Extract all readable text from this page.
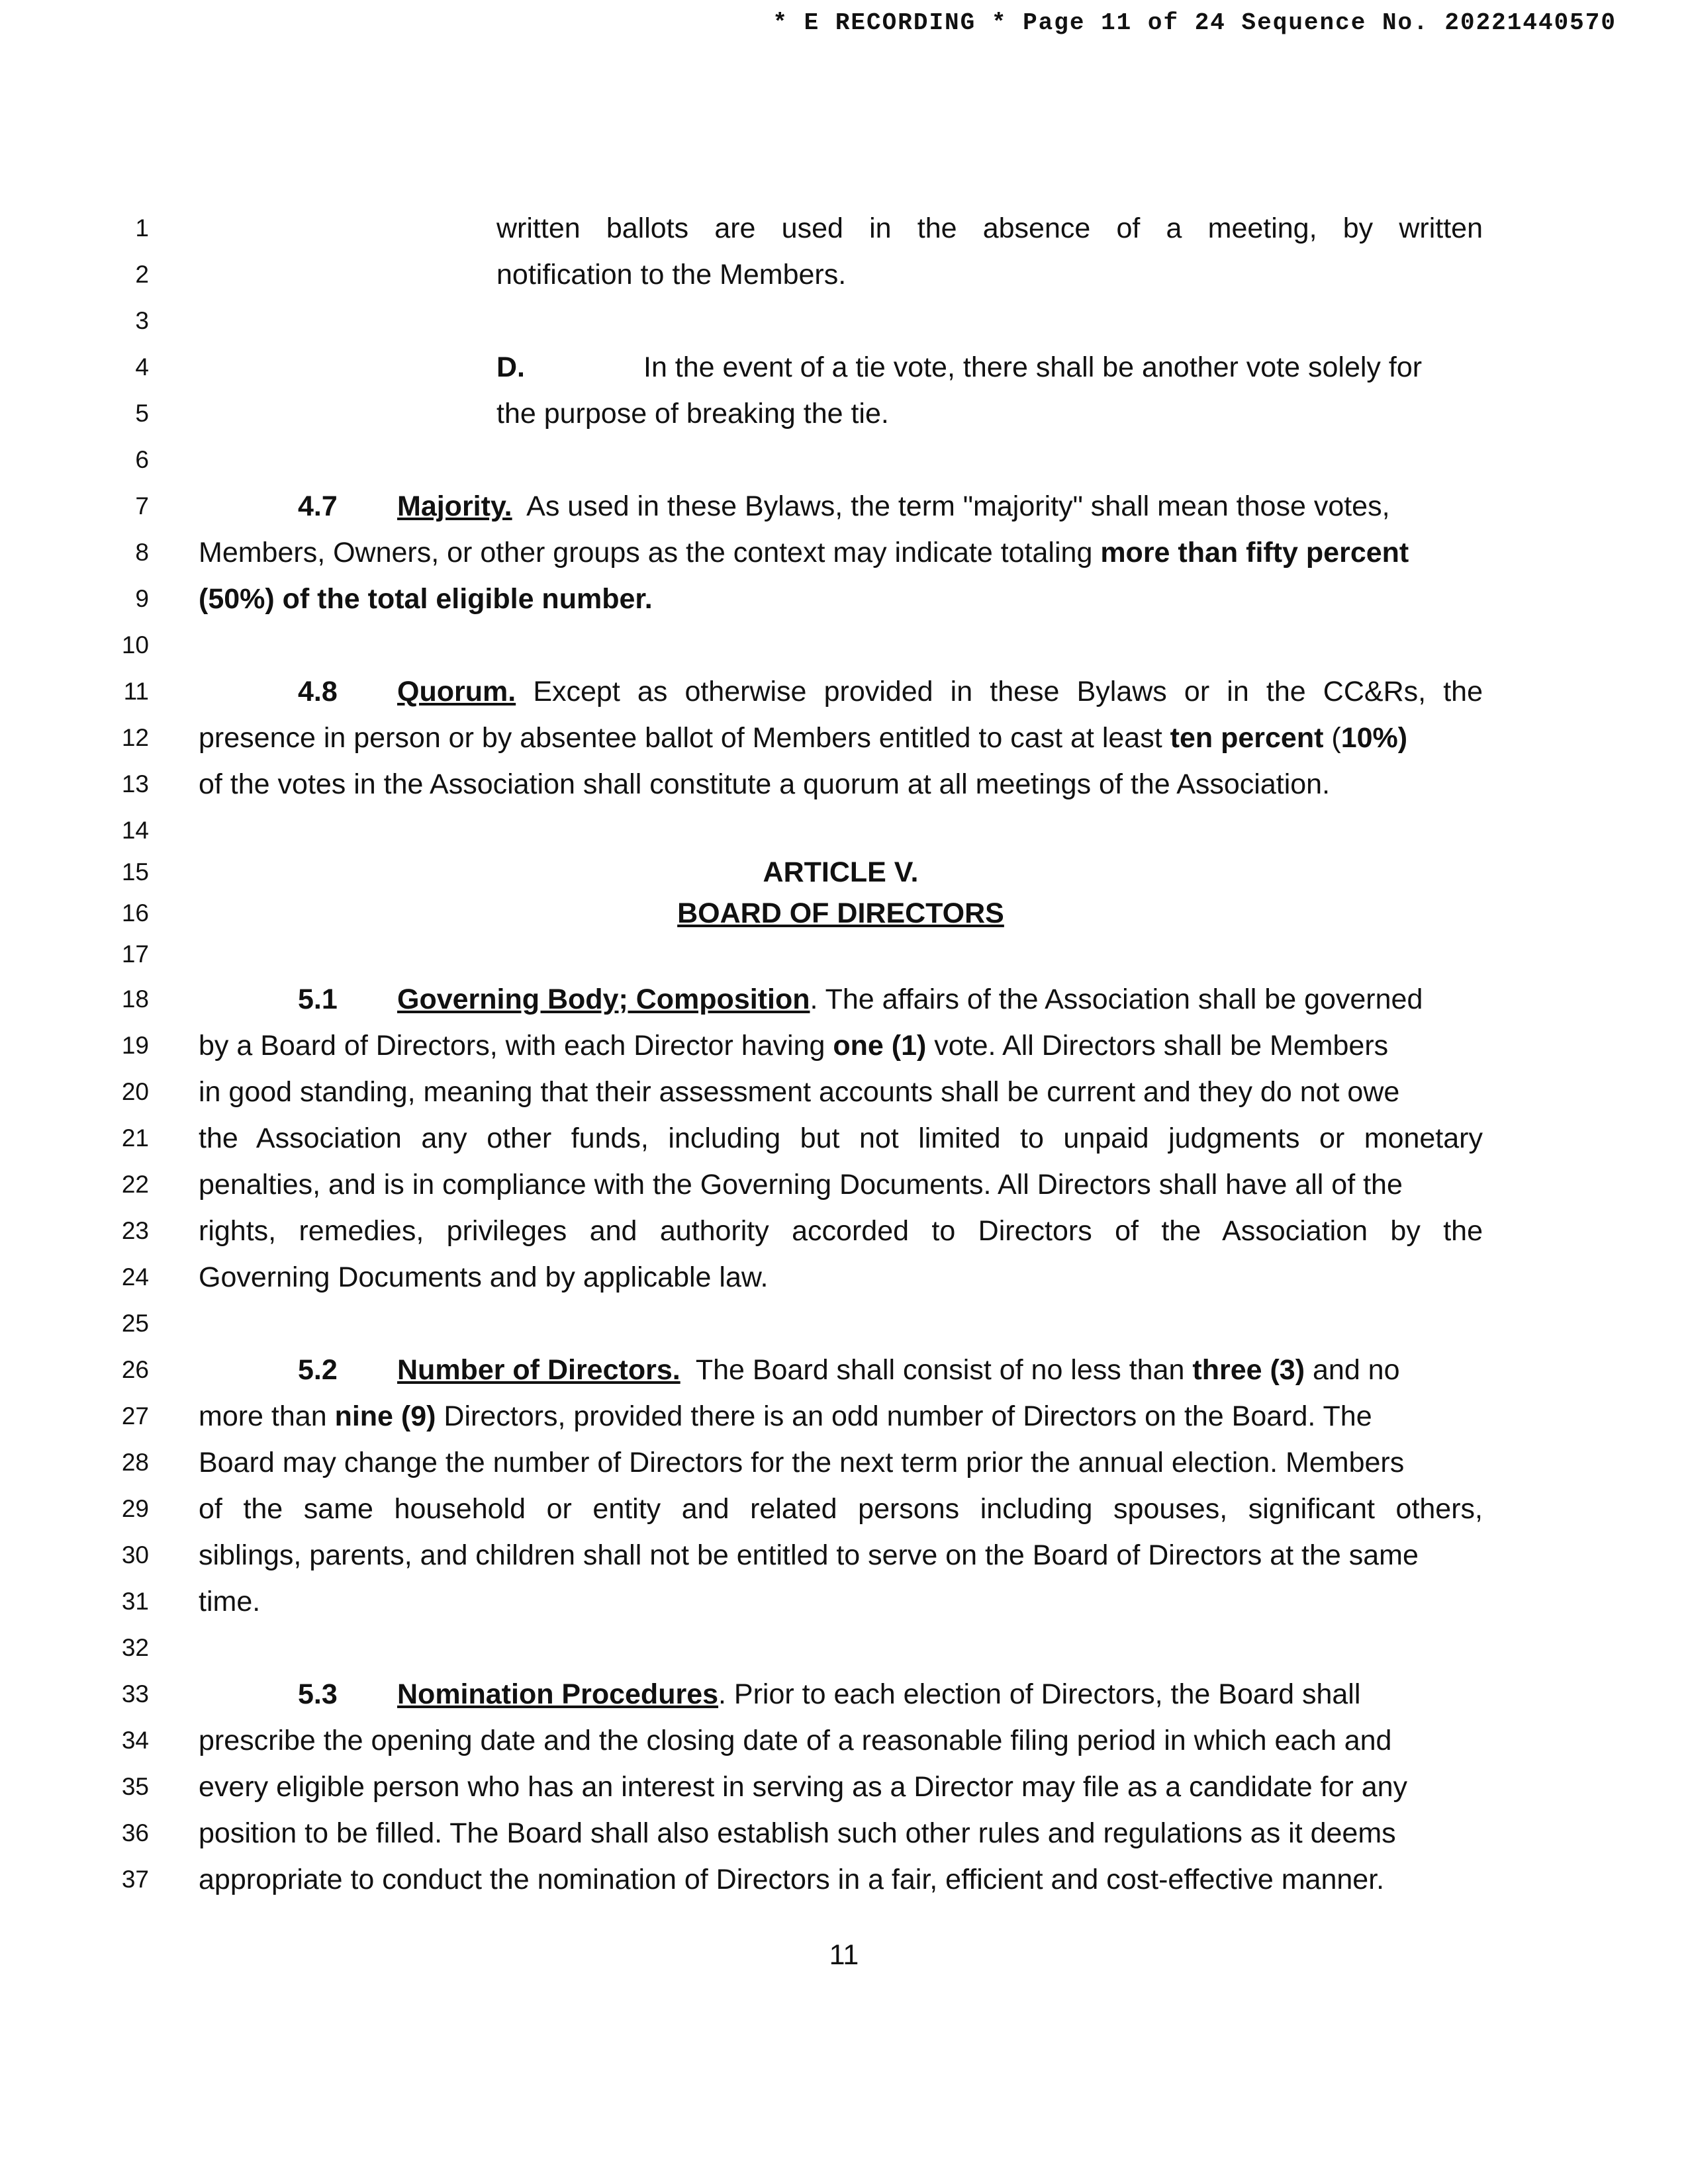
* E RECORDING * Page 11 of 24 Sequence No. 20221440570
1
2
3
4
5
6
7
8
9
10
11
12
13
14
15
16
17
18
19
20
21
22
23
24
25
26
27
28
29
30
31
32
33
34
35
36
37
written ballots are used in the absence of a meeting, by written
notification to the Members.
D.	In the event of a tie vote, there shall be another vote solely for
the purpose of breaking the tie.
4.7 Majority. As used in these Bylaws, the term "majority" shall mean those votes,
Members, Owners, or other groups as the context may indicate totaling more than fifty percent
(50%) of the total eligible number.
4.8 Quorum. Except as otherwise provided in these Bylaws or in the CC&Rs, the
presence in person or by absentee ballot of Members entitled to cast at least ten percent (10%)
of the votes in the Association shall constitute a quorum at all meetings of the Association.
ARTICLE V.
BOARD OF DIRECTORS
5.1 Governing Body; Composition. The affairs of the Association shall be governed
by a Board of Directors, with each Director having one (1) vote. All Directors shall be Members
in good standing, meaning that their assessment accounts shall be current and they do not owe
the Association any other funds, including but not limited to unpaid judgments or monetary
penalties, and is in compliance with the Governing Documents. All Directors shall have all of the
rights, remedies, privileges and authority accorded to Directors of the Association by the
Governing Documents and by applicable law.
5.2 Number of Directors. The Board shall consist of no less than three (3) and no
more than nine (9) Directors, provided there is an odd number of Directors on the Board. The
Board may change the number of Directors for the next term prior the annual election. Members
of the same household or entity and related persons including spouses, significant others,
siblings, parents, and children shall not be entitled to serve on the Board of Directors at the same
time.
5.3 Nomination Procedures. Prior to each election of Directors, the Board shall
prescribe the opening date and the closing date of a reasonable filing period in which each and
every eligible person who has an interest in serving as a Director may file as a candidate for any
position to be filled. The Board shall also establish such other rules and regulations as it deems
appropriate to conduct the nomination of Directors in a fair, efficient and cost-effective manner.
11
